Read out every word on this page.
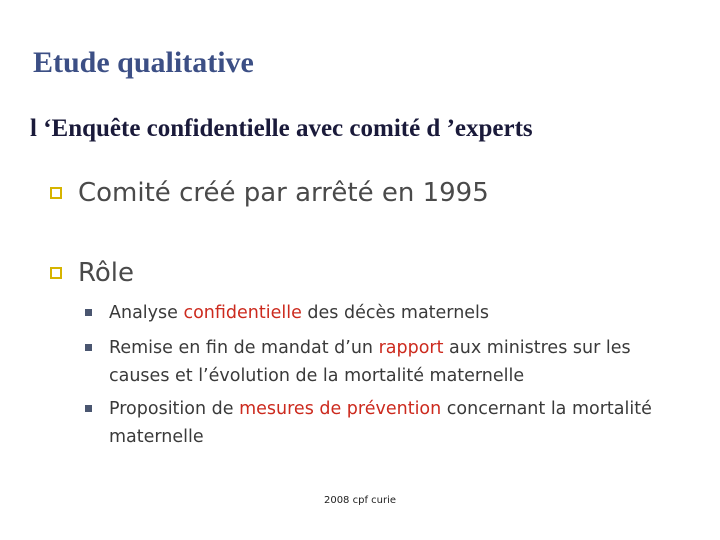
Etude qualitative
l ‘Enquête confidentielle avec comité d ’experts
Comité créé par arrêté en 1995
Rôle
Analyse confidentielle des décès maternels
Remise en fin de mandat d’un rapport aux ministres sur les causes et l’évolution de la mortalité maternelle
Proposition de mesures de prévention concernant la mortalité maternelle
2008 cpf curie
